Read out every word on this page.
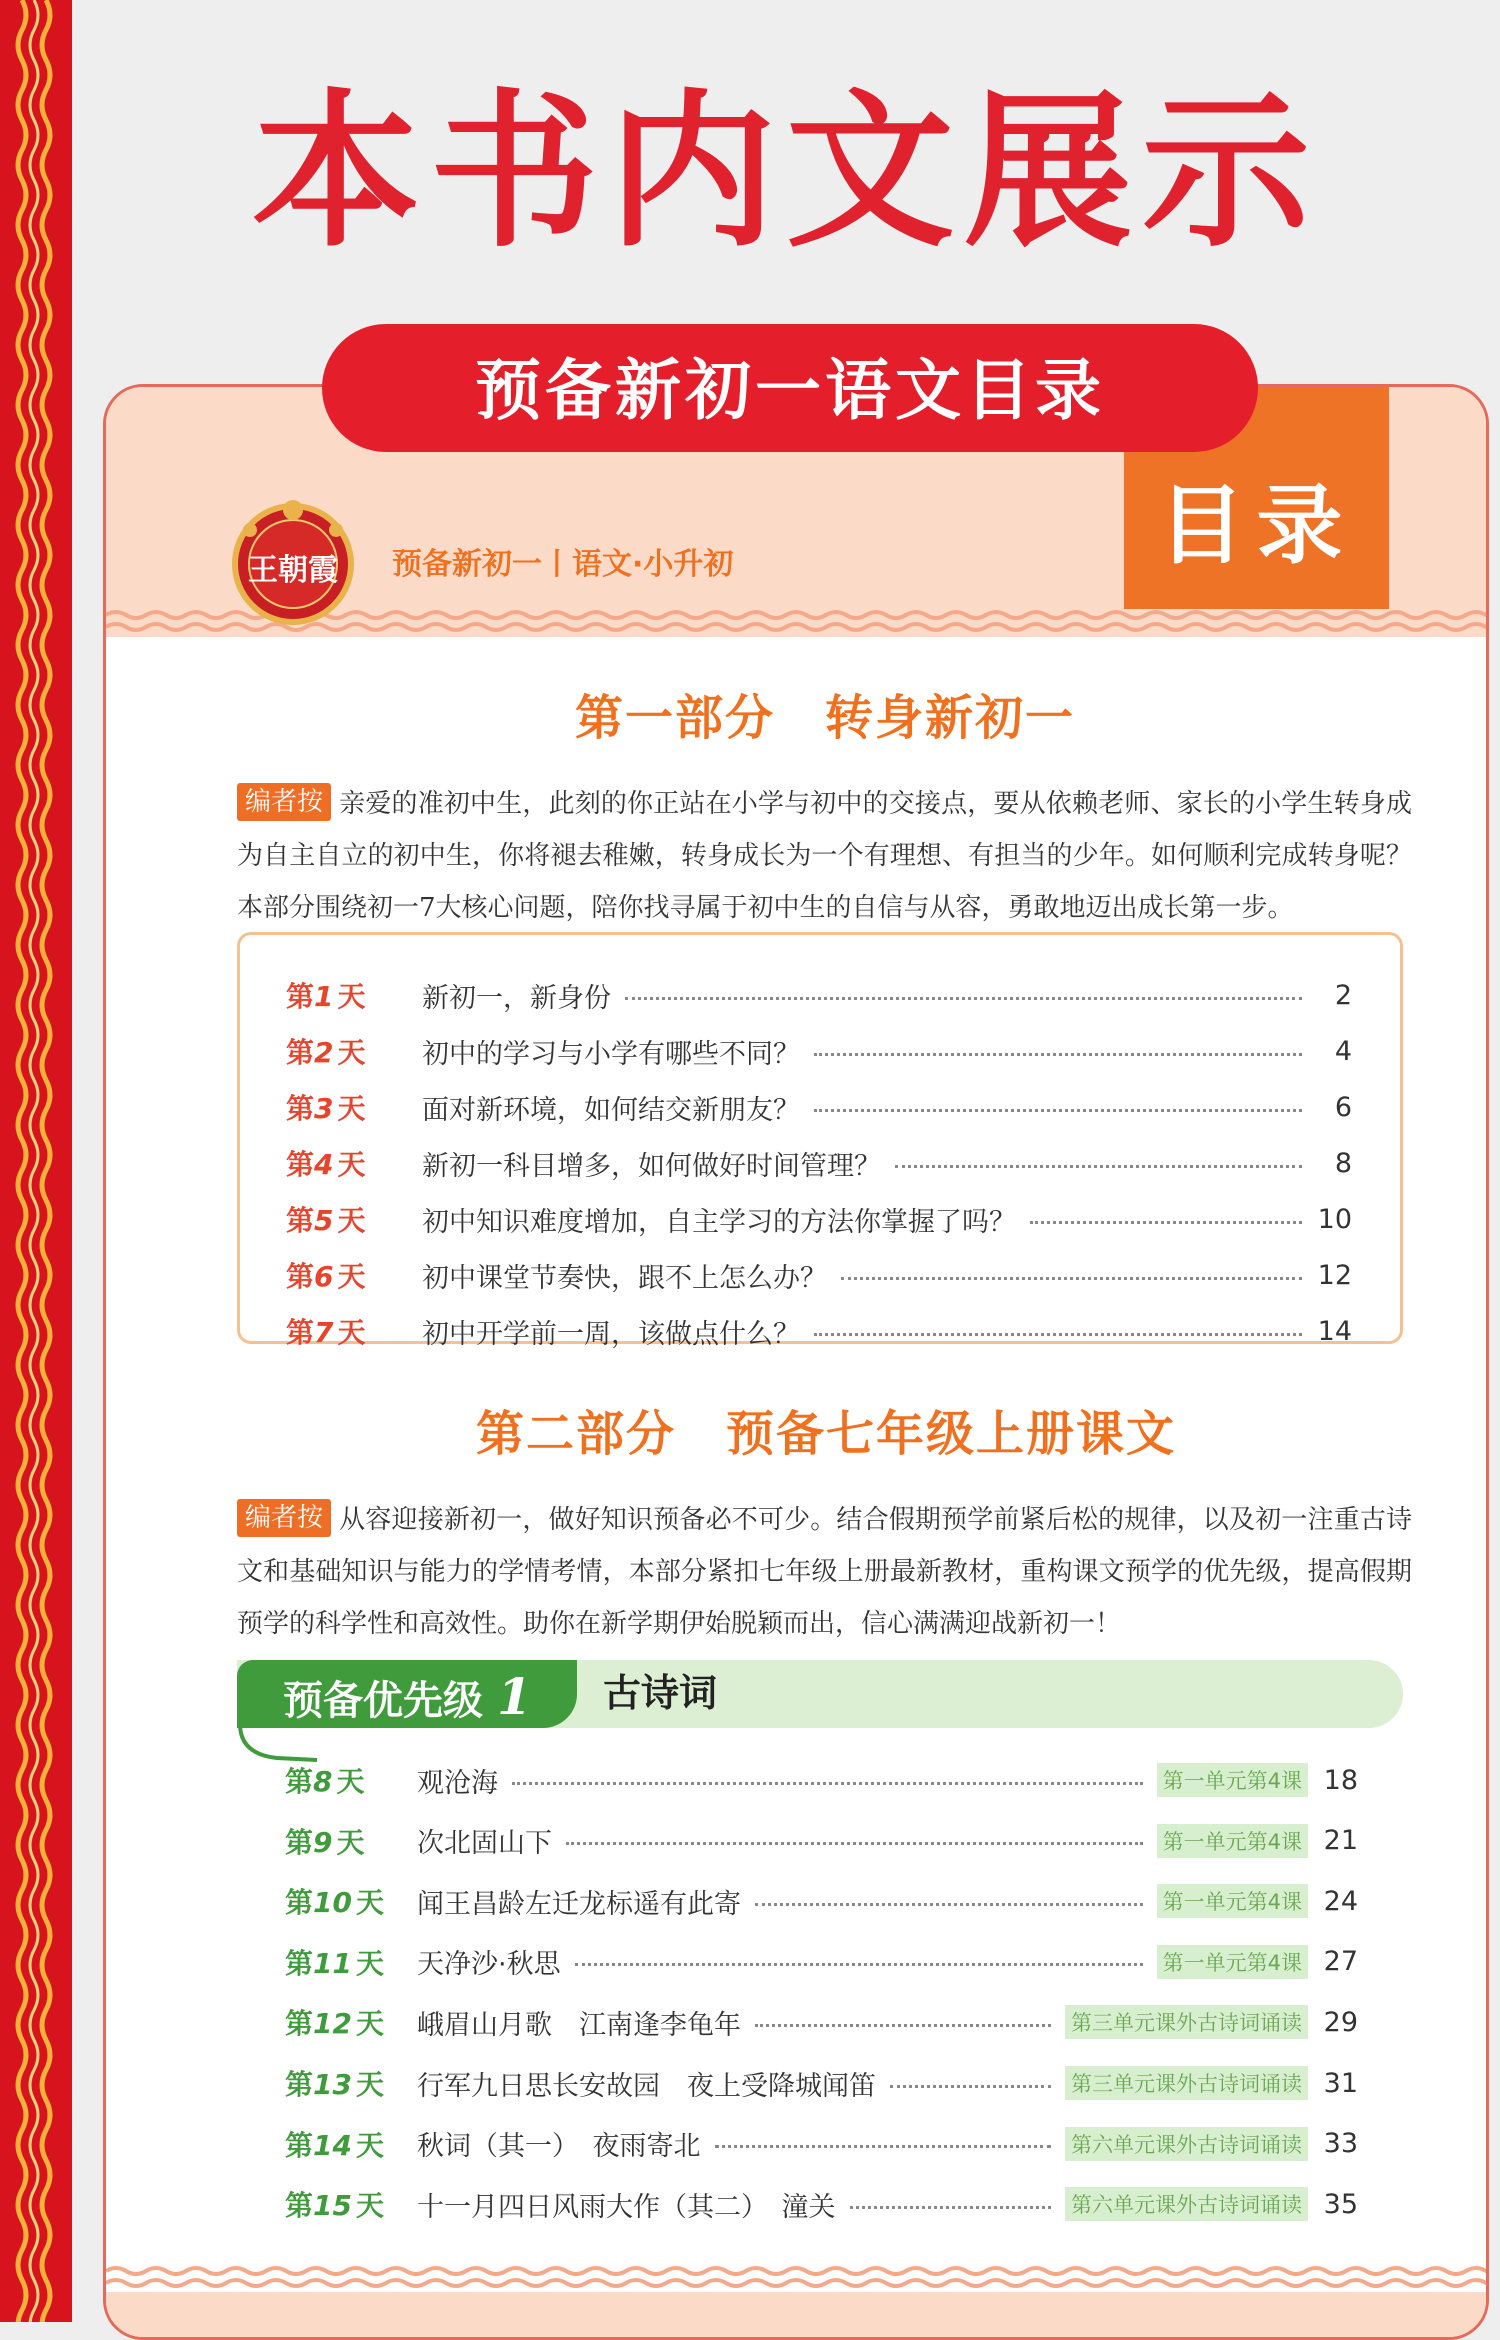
本书内文展示
目录
预备新初一语文目录
王朝霞	预备新初一丨语文·小升初
第一部分　转身新初一
编者按 亲爱的准初中生，此刻的你正站在小学与初中的交接点，要从依赖老师、家长的小学生转身成为自主自立的初中生，你将褪去稚嫩，转身成长为一个有理想、有担当的少年。如何顺利完成转身呢？本部分围绕初一7大核心问题，陪你找寻属于初中生的自信与从容，勇敢地迈出成长第一步。
第1 天	新初一，新身份	2
第2 天	初中的学习与小学有哪些不同？	4
第3 天	面对新环境，如何结交新朋友？	6
第4 天	新初一科目增多，如何做好时间管理？	8
第5 天	初中知识难度增加，自主学习的方法你掌握了吗？	10
第6 天	初中课堂节奏快，跟不上怎么办？	12
第7 天	初中开学前一周，该做点什么？	14
第二部分　预备七年级上册课文
编者按 从容迎接新初一，做好知识预备必不可少。结合假期预学前紧后松的规律，以及初一注重古诗文和基础知识与能力的学情考情，本部分紧扣七年级上册最新教材，重构课文预学的优先级，提高假期预学的科学性和高效性。助你在新学期伊始脱颖而出，信心满满迎战新初一！
预备优先级 1 古诗词
第8 天	观沧海	第一单元第4课 18
第9 天	次北固山下	第一单元第4课 21
第10 天	闻王昌龄左迁龙标遥有此寄	第一单元第4课 24
第11 天	天净沙·秋思	第一单元第4课 27
第12 天	峨眉山月歌　江南逢李龟年	第三单元课外古诗词诵读 29
第13 天	行军九日思长安故园　夜上受降城闻笛	第三单元课外古诗词诵读 31
第14 天	秋词（其一）　夜雨寄北	第六单元课外古诗词诵读 33
第15 天	十一月四日风雨大作（其二）　潼关	第六单元课外古诗词诵读 35
